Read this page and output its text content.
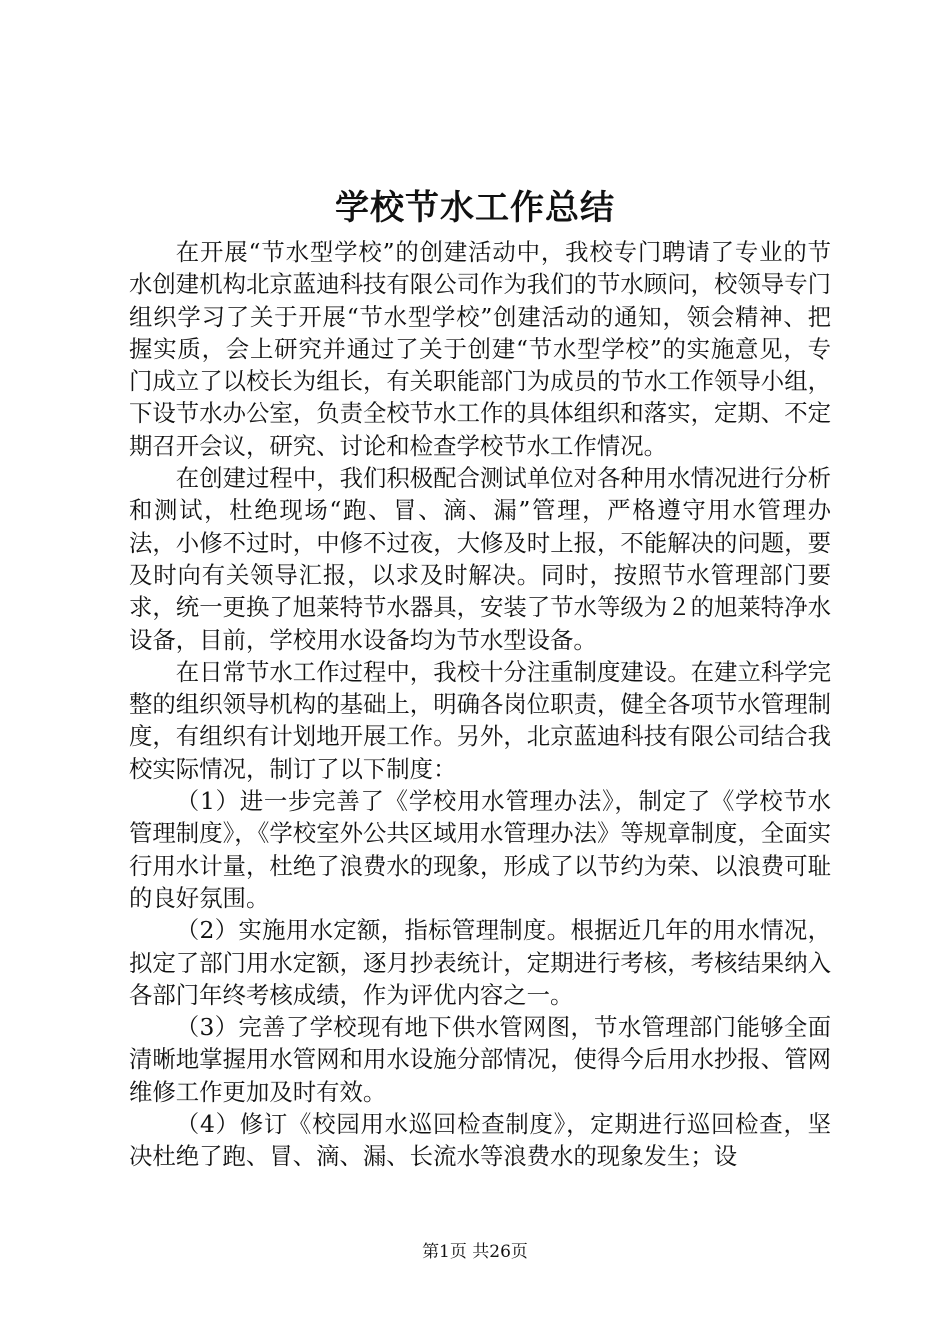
学校节水工作总结

在开展“节水型学校”的创建活动中，我校专门聘请了专业的节水创建机构北京蓝迪科技有限公司作为我们的节水顾问，校领导专门组织学习了关于开展“节水型学校”创建活动的通知，领会精神、把握实质，会上研究并通过了关于创建“节水型学校”的实施意见，专门成立了以校长为组长，有关职能部门为成员的节水工作领导小组，下设节水办公室，负责全校节水工作的具体组织和落实，定期、不定期召开会议，研究、讨论和检查学校节水工作情况。

在创建过程中，我们积极配合测试单位对各种用水情况进行分析和测试，杜绝现场“跑、冒、滴、漏”管理，严格遵守用水管理办法，小修不过时，中修不过夜，大修及时上报，不能解决的问题，要及时向有关领导汇报，以求及时解决。同时，按照节水管理部门要求，统一更换了旭莱特节水器具，安装了节水等级为２的旭莱特净水设备，目前，学校用水设备均为节水型设备。

在日常节水工作过程中，我校十分注重制度建设。在建立科学完整的组织领导机构的基础上，明确各岗位职责，健全各项节水管理制度，有组织有计划地开展工作。另外，北京蓝迪科技有限公司结合我校实际情况，制订了以下制度：

（1）进一步完善了《学校用水管理办法》，制定了《学校节水管理制度》，《学校室外公共区域用水管理办法》等规章制度，全面实行用水计量，杜绝了浪费水的现象，形成了以节约为荣、以浪费可耻的良好氛围。

（2）实施用水定额，指标管理制度。根据近几年的用水情况，拟定了部门用水定额，逐月抄表统计，定期进行考核，考核结果纳入各部门年终考核成绩，作为评优内容之一。

（3）完善了学校现有地下供水管网图，节水管理部门能够全面清晰地掌握用水管网和用水设施分部情况，使得今后用水抄报、管网维修工作更加及时有效。

（4）修订《校园用水巡回检查制度》，定期进行巡回检查，坚决杜绝了跑、冒、滴、漏、长流水等浪费水的现象发生；设

第1页 共26页
